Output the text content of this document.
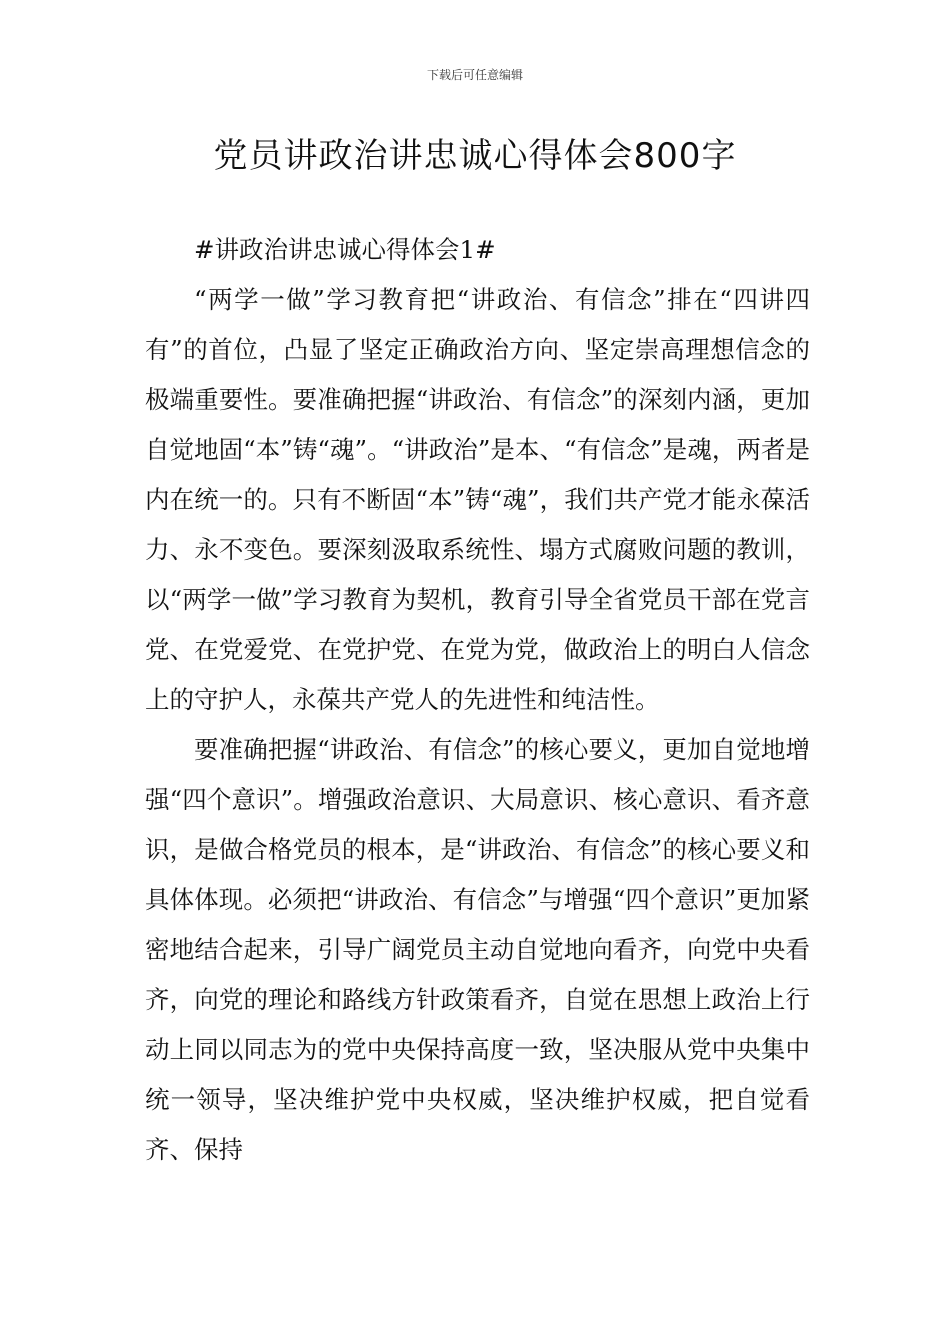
下载后可任意编辑
党员讲政治讲忠诚心得体会800字

#讲政治讲忠诚心得体会1#

“两学一做”学习教育把“讲政治、有信念”排在“四讲四有”的首位，凸显了坚定正确政治方向、坚定崇高理想信念的极端重要性。要准确把握“讲政治、有信念”的深刻内涵，更加自觉地固“本”铸“魂”。“讲政治”是本、“有信念”是魂，两者是内在统一的。只有不断固“本”铸“魂”，我们共产党才能永葆活力、永不变色。要深刻汲取系统性、塌方式腐败问题的教训，以“两学一做”学习教育为契机，教育引导全省党员干部在党言党、在党爱党、在党护党、在党为党，做政治上的明白人信念上的守护人，永葆共产党人的先进性和纯洁性。

要准确把握“讲政治、有信念”的核心要义，更加自觉地增强“四个意识”。增强政治意识、大局意识、核心意识、看齐意识，是做合格党员的根本，是“讲政治、有信念”的核心要义和具体体现。必须把“讲政治、有信念”与增强“四个意识”更加紧密地结合起来，引导广阔党员主动自觉地向看齐，向党中央看齐，向党的理论和路线方针政策看齐，自觉在思想上政治上行动上同以同志为的党中央保持高度一致，坚决服从党中央集中统一领导，坚决维护党中央权威，坚决维护权威，把自觉看齐、保持
